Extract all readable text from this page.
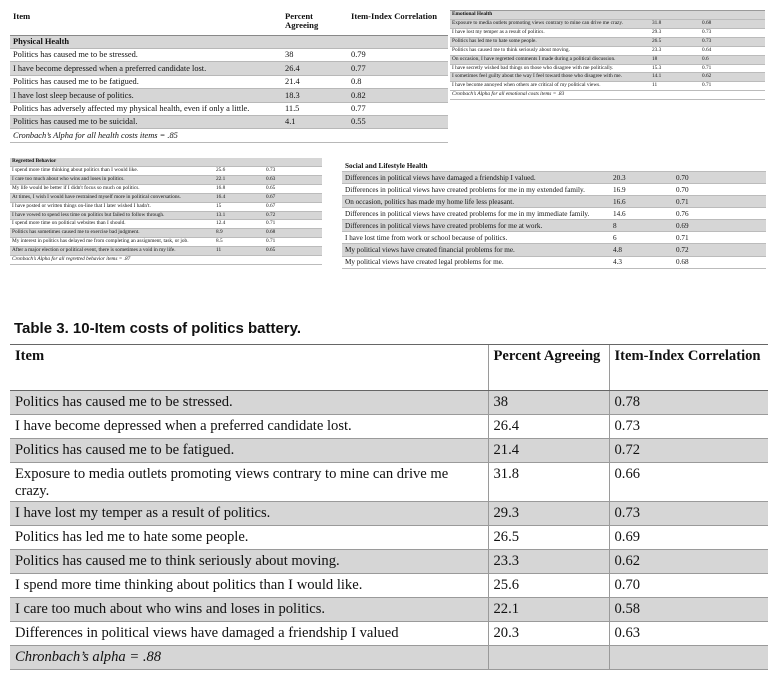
Item	Percent Agreeing	Item-Index Correlation
Physical Health		
Politics has caused me to be stressed.	38	0.79
I have become depressed when a preferred candidate lost.	26.4	0.77
Politics has caused me to be fatigued.	21.4	0.8
I have lost sleep because of politics.	18.3	0.82
Politics has adversely affected my physical health, even if only a little.	11.5	0.77
Politics has caused me to be suicidal.	4.1	0.55
Cronbach’s Alpha for all health costs items = .85		
Emotional Health		
Exposure to media outlets promoting views contrary to mine can drive me crazy.	31.8	0.68
I have lost my temper as a result of politics.	29.3	0.73
Politics has led me to hate some people.	26.5	0.73
Politics has caused me to think seriously about moving.	23.3	0.64
On occasion, I have regretted comments I made during a political discussion.	18	0.6
I have secretly wished bad things on those who disagree with me politically.	15.3	0.71
I sometimes feel guilty about the way I feel toward those who disagree with me.	14.1	0.62
I have become annoyed when others are critical of my political views.	11	0.71
Cronbach’s Alpha for all emotional costs items = .83		
Regretted Behavior		
I spend more time thinking about politics than I would like.	25.6	0.73
I care too much about who wins and loses in politics.	22.1	0.63
My life would be better if I didn't focus so much on politics.	16.8	0.65
At times, I wish I would have restrained myself more in political conversations.	16.4	0.67
I have posted or written things on-line that I later wished I hadn't.	15	0.67
I have vowed to spend less time on politics but failed to follow through.	13.1	0.72
I spend more time on political websites than I should.	12.4	0.71
Politics has sometimes caused me to exercise bad judgment.	8.9	0.68
My interest in politics has delayed me from completing an assignment, task, or job.	8.5	0.71
After a major election or political event, there is sometimes a void in my life.	11	0.65
Cronbach’s Alpha for all regretted behavior items = .87		
Social and Lifestyle Health		
Differences in political views have damaged a friendship I valued.	20.3	0.70
Differences in political views have created problems for me in my extended family.	16.9	0.70
On occasion, politics has made my home life less pleasant.	16.6	0.71
Differences in political views have created problems for me in my immediate family.	14.6	0.76
Differences in political views have created problems for me at work.	8	0.69
I have lost time from work or school because of politics.	6	0.71
My political views have created financial problems for me.	4.8	0.72
My political views have created legal problems for me.	4.3	0.68
Table 3. 10-Item costs of politics battery.
Item	Percent Agreeing	Item-Index Correlation
Politics has caused me to be stressed.	38	0.78
I have become depressed when a preferred candidate lost.	26.4	0.73
Politics has caused me to be fatigued.	21.4	0.72
Exposure to media outlets promoting views contrary to mine can drive me crazy.	31.8	0.66
I have lost my temper as a result of politics.	29.3	0.73
Politics has led me to hate some people.	26.5	0.69
Politics has caused me to think seriously about moving.	23.3	0.62
I spend more time thinking about politics than I would like.	25.6	0.70
I care too much about who wins and loses in politics.	22.1	0.58
Differences in political views have damaged a friendship I valued	20.3	0.63
Chronbach’s alpha = .88		
